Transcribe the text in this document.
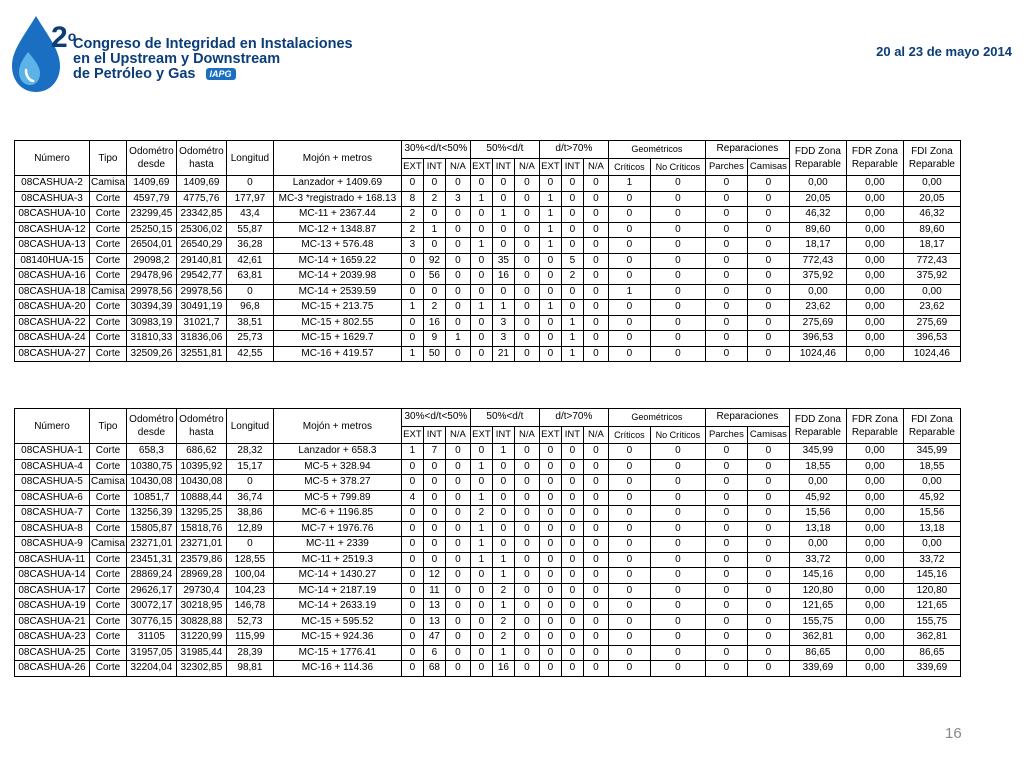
2$^o$
Congreso de Integridad en Instalaciones
en el Upstream y Downstream
de Petróleo y Gas IAPG
20 al 23 de mayo 2014
Número	Tipo	Odométro desde	Odométro hasta	Longitud	Mojón + metros	30%<d/t<50%			50%<d/t			d/t>70%			Geométricos		Reparaciones		FDD Zona Reparable	FDR Zona Reparable	FDI Zona Reparable
						EXT	INT	N/A	EXT	INT	N/A	EXT	INT	N/A	Críticos	No Críticos	Parches	Camisas			
08CASHUA-2	Camisa	1409,69	1409,69	0	Lanzador + 1409.69	0	0	0	0	0	0	0	0	0	1	0	0	0	0,00	0,00	0,00
08CASHUA-3	Corte	4597,79	4775,76	177,97	MC-3 *registrado + 168.13	8	2	3	1	0	0	1	0	0	0	0	0	0	20,05	0,00	20,05
08CASHUA-10	Corte	23299,45	23342,85	43,4	MC-11 + 2367.44	2	0	0	0	1	0	1	0	0	0	0	0	0	46,32	0,00	46,32
08CASHUA-12	Corte	25250,15	25306,02	55,87	MC-12 + 1348.87	2	1	0	0	0	0	1	0	0	0	0	0	0	89,60	0,00	89,60
08CASHUA-13	Corte	26504,01	26540,29	36,28	MC-13 + 576.48	3	0	0	1	0	0	1	0	0	0	0	0	0	18,17	0,00	18,17
08140HUA-15	Corte	29098,2	29140,81	42,61	MC-14 + 1659.22	0	92	0	0	35	0	0	5	0	0	0	0	0	772,43	0,00	772,43
08CASHUA-16	Corte	29478,96	29542,77	63,81	MC-14 + 2039.98	0	56	0	0	16	0	0	2	0	0	0	0	0	375,92	0,00	375,92
08CASHUA-18	Camisa	29978,56	29978,56	0	MC-14 + 2539.59	0	0	0	0	0	0	0	0	0	1	0	0	0	0,00	0,00	0,00
08CASHUA-20	Corte	30394,39	30491,19	96,8	MC-15 + 213.75	1	2	0	1	1	0	1	0	0	0	0	0	0	23,62	0,00	23,62
08CASHUA-22	Corte	30983,19	31021,7	38,51	MC-15 + 802.55	0	16	0	0	3	0	0	1	0	0	0	0	0	275,69	0,00	275,69
08CASHUA-24	Corte	31810,33	31836,06	25,73	MC-15 + 1629.7	0	9	1	0	3	0	0	1	0	0	0	0	0	396,53	0,00	396,53
08CASHUA-27	Corte	32509,26	32551,81	42,55	MC-16 + 419.57	1	50	0	0	21	0	0	1	0	0	0	0	0	1024,46	0,00	1024,46
Número	Tipo	Odométro desde	Odométro hasta	Longitud	Mojón + metros	30%<d/t<50%			50%<d/t			d/t>70%			Geométricos		Reparaciones		FDD Zona Reparable	FDR Zona Reparable	FDI Zona Reparable
						EXT	INT	N/A	EXT	INT	N/A	EXT	INT	N/A	Críticos	No Críticos	Parches	Camisas			
08CASHUA-1	Corte	658,3	686,62	28,32	Lanzador + 658.3	1	7	0	0	1	0	0	0	0	0	0	0	0	345,99	0,00	345,99
08CASHUA-4	Corte	10380,75	10395,92	15,17	MC-5 + 328.94	0	0	0	1	0	0	0	0	0	0	0	0	0	18,55	0,00	18,55
08CASHUA-5	Camisa	10430,08	10430,08	0	MC-5 + 378.27	0	0	0	0	0	0	0	0	0	0	0	0	0	0,00	0,00	0,00
08CASHUA-6	Corte	10851,7	10888,44	36,74	MC-5 + 799.89	4	0	0	1	0	0	0	0	0	0	0	0	0	45,92	0,00	45,92
08CASHUA-7	Corte	13256,39	13295,25	38,86	MC-6 + 1196.85	0	0	0	2	0	0	0	0	0	0	0	0	0	15,56	0,00	15,56
08CASHUA-8	Corte	15805,87	15818,76	12,89	MC-7 + 1976.76	0	0	0	1	0	0	0	0	0	0	0	0	0	13,18	0,00	13,18
08CASHUA-9	Camisa	23271,01	23271,01	0	MC-11 + 2339	0	0	0	1	0	0	0	0	0	0	0	0	0	0,00	0,00	0,00
08CASHUA-11	Corte	23451,31	23579,86	128,55	MC-11 + 2519.3	0	0	0	1	1	0	0	0	0	0	0	0	0	33,72	0,00	33,72
08CASHUA-14	Corte	28869,24	28969,28	100,04	MC-14 + 1430.27	0	12	0	0	1	0	0	0	0	0	0	0	0	145,16	0,00	145,16
08CASHUA-17	Corte	29626,17	29730,4	104,23	MC-14 + 2187.19	0	11	0	0	2	0	0	0	0	0	0	0	0	120,80	0,00	120,80
08CASHUA-19	Corte	30072,17	30218,95	146,78	MC-14 + 2633.19	0	13	0	0	1	0	0	0	0	0	0	0	0	121,65	0,00	121,65
08CASHUA-21	Corte	30776,15	30828,88	52,73	MC-15 + 595.52	0	13	0	0	2	0	0	0	0	0	0	0	0	155,75	0,00	155,75
08CASHUA-23	Corte	31105	31220,99	115,99	MC-15 + 924.36	0	47	0	0	2	0	0	0	0	0	0	0	0	362,81	0,00	362,81
08CASHUA-25	Corte	31957,05	31985,44	28,39	MC-15 + 1776.41	0	6	0	0	1	0	0	0	0	0	0	0	0	86,65	0,00	86,65
08CASHUA-26	Corte	32204,04	32302,85	98,81	MC-16 + 114.36	0	68	0	0	16	0	0	0	0	0	0	0	0	339,69	0,00	339,69
16
